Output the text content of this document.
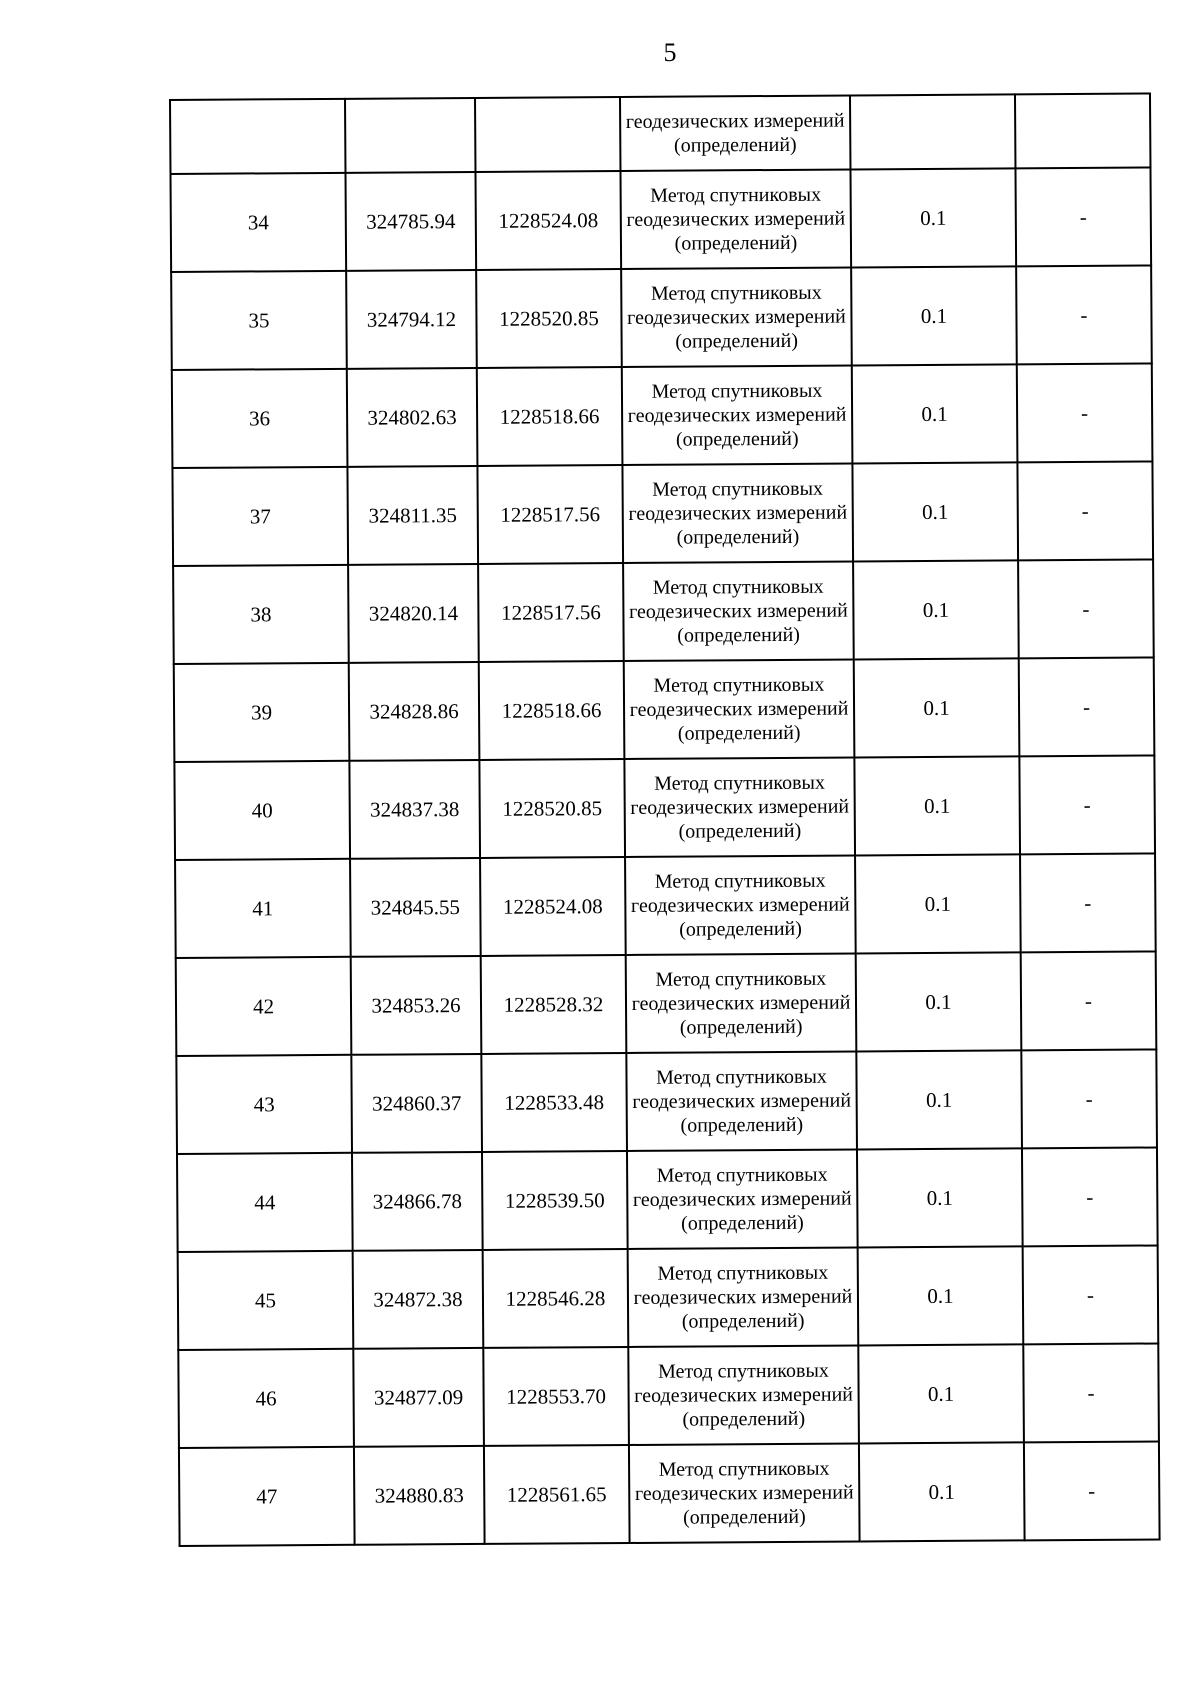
5
			геодезических измерений (определений)		
34	324785.94	1228524.08	Метод спутниковых геодезических измерений (определений)	0.1	-
35	324794.12	1228520.85	Метод спутниковых геодезических измерений (определений)	0.1	-
36	324802.63	1228518.66	Метод спутниковых геодезических измерений (определений)	0.1	-
37	324811.35	1228517.56	Метод спутниковых геодезических измерений (определений)	0.1	-
38	324820.14	1228517.56	Метод спутниковых геодезических измерений (определений)	0.1	-
39	324828.86	1228518.66	Метод спутниковых геодезических измерений (определений)	0.1	-
40	324837.38	1228520.85	Метод спутниковых геодезических измерений (определений)	0.1	-
41	324845.55	1228524.08	Метод спутниковых геодезических измерений (определений)	0.1	-
42	324853.26	1228528.32	Метод спутниковых геодезических измерений (определений)	0.1	-
43	324860.37	1228533.48	Метод спутниковых геодезических измерений (определений)	0.1	-
44	324866.78	1228539.50	Метод спутниковых геодезических измерений (определений)	0.1	-
45	324872.38	1228546.28	Метод спутниковых геодезических измерений (определений)	0.1	-
46	324877.09	1228553.70	Метод спутниковых геодезических измерений (определений)	0.1	-
47	324880.83	1228561.65	Метод спутниковых геодезических измерений (определений)	0.1	-
